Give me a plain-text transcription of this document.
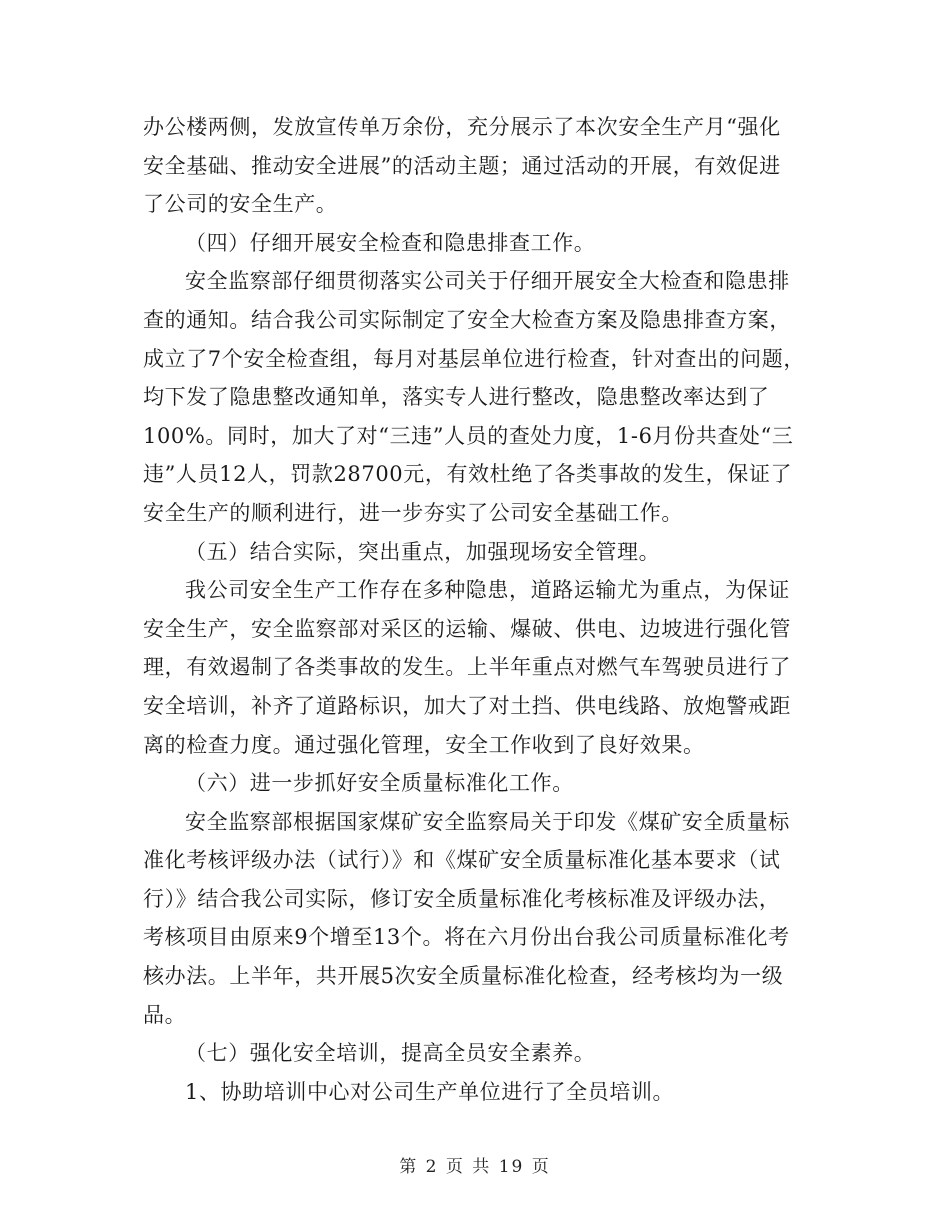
办公楼两侧，发放宣传单万余份，充分展示了本次安全生产月“强化
安全基础、推动安全进展”的活动主题；通过活动的开展，有效促进
了公司的安全生产。
（四）仔细开展安全检查和隐患排查工作。
安全监察部仔细贯彻落实公司关于仔细开展安全大检查和隐患排
查的通知。结合我公司实际制定了安全大检查方案及隐患排查方案，
成立了7个安全检查组，每月对基层单位进行检查，针对查出的问题，
均下发了隐患整改通知单，落实专人进行整改，隐患整改率达到了
100%。同时，加大了对“三违”人员的查处力度，1-6月份共查处“三
违”人员12人，罚款28700元，有效杜绝了各类事故的发生，保证了
安全生产的顺利进行，进一步夯实了公司安全基础工作。
（五）结合实际，突出重点，加强现场安全管理。
我公司安全生产工作存在多种隐患，道路运输尤为重点，为保证
安全生产，安全监察部对采区的运输、爆破、供电、边坡进行强化管
理，有效遏制了各类事故的发生。上半年重点对燃气车驾驶员进行了
安全培训，补齐了道路标识，加大了对土挡、供电线路、放炮警戒距
离的检查力度。通过强化管理，安全工作收到了良好效果。
（六）进一步抓好安全质量标准化工作。
安全监察部根据国家煤矿安全监察局关于印发《煤矿安全质量标
准化考核评级办法（试行）》和《煤矿安全质量标准化基本要求（试
行）》结合我公司实际，修订安全质量标准化考核标准及评级办法，
考核项目由原来9个增至13个。将在六月份出台我公司质量标准化考
核办法。上半年，共开展5次安全质量标准化检查，经考核均为一级
品。
（七）强化安全培训，提高全员安全素养。
1、协助培训中心对公司生产单位进行了全员培训。
第 2 页 共 19 页
